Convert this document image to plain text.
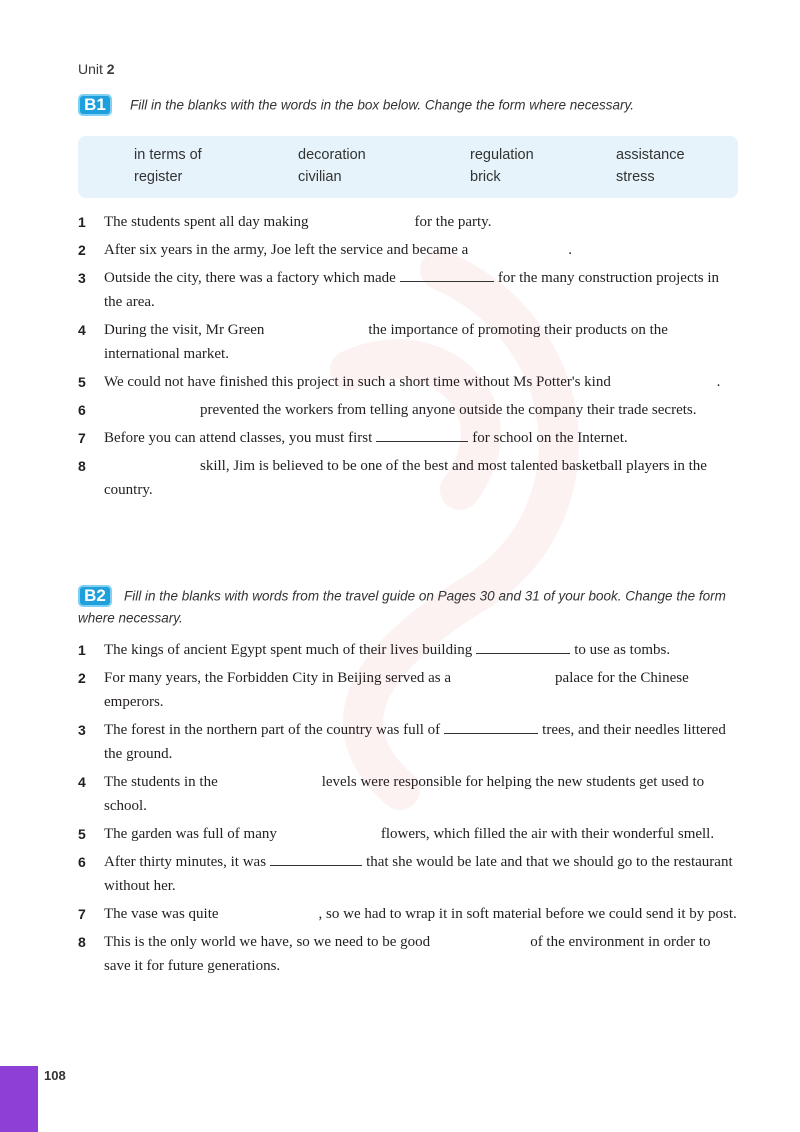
Unit 2
B1 Fill in the blanks with the words in the box below. Change the form where necessary.
in terms of	decoration	regulation	assistance
register	civilian	brick	stress
1 The students spent all day making	for the party.
2 After six years in the army, Joe left the service and became a	.
3 Outside the city, there was a factory which made	for the many construction projects in the area.
4 During the visit, Mr Green	the importance of promoting their products on the international market.
5 We could not have finished this project in such a short time without Ms Potter's kind	.
6	prevented the workers from telling anyone outside the company their trade secrets.
7 Before you can attend classes, you must first	for school on the Internet.
8	skill, Jim is believed to be one of the best and most talented basketball players in the country.
B2 Fill in the blanks with words from the travel guide on Pages 30 and 31 of your book. Change the form where necessary.
1 The kings of ancient Egypt spent much of their lives building	to use as tombs.
2 For many years, the Forbidden City in Beijing served as a	palace for the Chinese emperors.
3 The forest in the northern part of the country was full of	trees, and their needles littered the ground.
4 The students in the	levels were responsible for helping the new students get used to school.
5 The garden was full of many	flowers, which filled the air with their wonderful smell.
6 After thirty minutes, it was	that she would be late and that we should go to the restaurant without her.
7 The vase was quite	, so we had to wrap it in soft material before we could send it by post.
8 This is the only world we have, so we need to be good	of the environment in order to save it for future generations.
108
